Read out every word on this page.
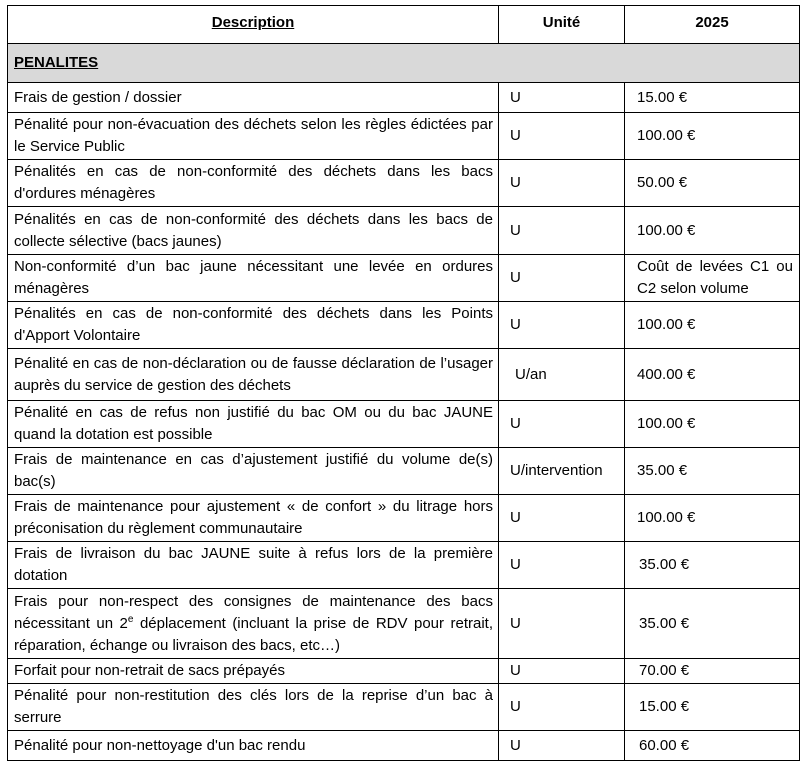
Description	Unité	2025
PENALITES		
Frais de gestion / dossier	U	15.00 €
Pénalité pour non-évacuation des déchets selon les règles édictées par le Service Public	U	100.00 €
Pénalités en cas de non-conformité des déchets dans les bacs d'ordures ménagères	U	50.00 €
Pénalités en cas de non-conformité des déchets dans les bacs de collecte sélective (bacs jaunes)	U	100.00 €
Non-conformité d’un bac jaune nécessitant une levée en ordures ménagères	U	Coût de levées C1 ou C2 selon volume
Pénalités en cas de non-conformité des déchets dans les Points d'Apport Volontaire	U	100.00 €
Pénalité en cas de non-déclaration ou de fausse déclaration de l’usager auprès du service de gestion des déchets	U/an	400.00 €
Pénalité en cas de refus non justifié du bac OM ou du bac JAUNE quand la dotation est possible	U	100.00 €
Frais de maintenance en cas d’ajustement justifié du volume de(s) bac(s)	U/intervention	35.00 €
Frais de maintenance pour ajustement « de confort » du litrage hors préconisation du règlement communautaire	U	100.00 €
Frais de livraison du bac JAUNE suite à refus lors de la première dotation	U	35.00 €
Frais pour non-respect des consignes de maintenance des bacs nécessitant un 2e déplacement (incluant la prise de RDV pour retrait, réparation, échange ou livraison des bacs, etc…)	U	35.00 €
Forfait pour non-retrait de sacs prépayés	U	70.00 €
Pénalité pour non-restitution des clés lors de la reprise d’un bac à serrure	U	15.00 €
Pénalité pour non-nettoyage d'un bac rendu	U	60.00 €
